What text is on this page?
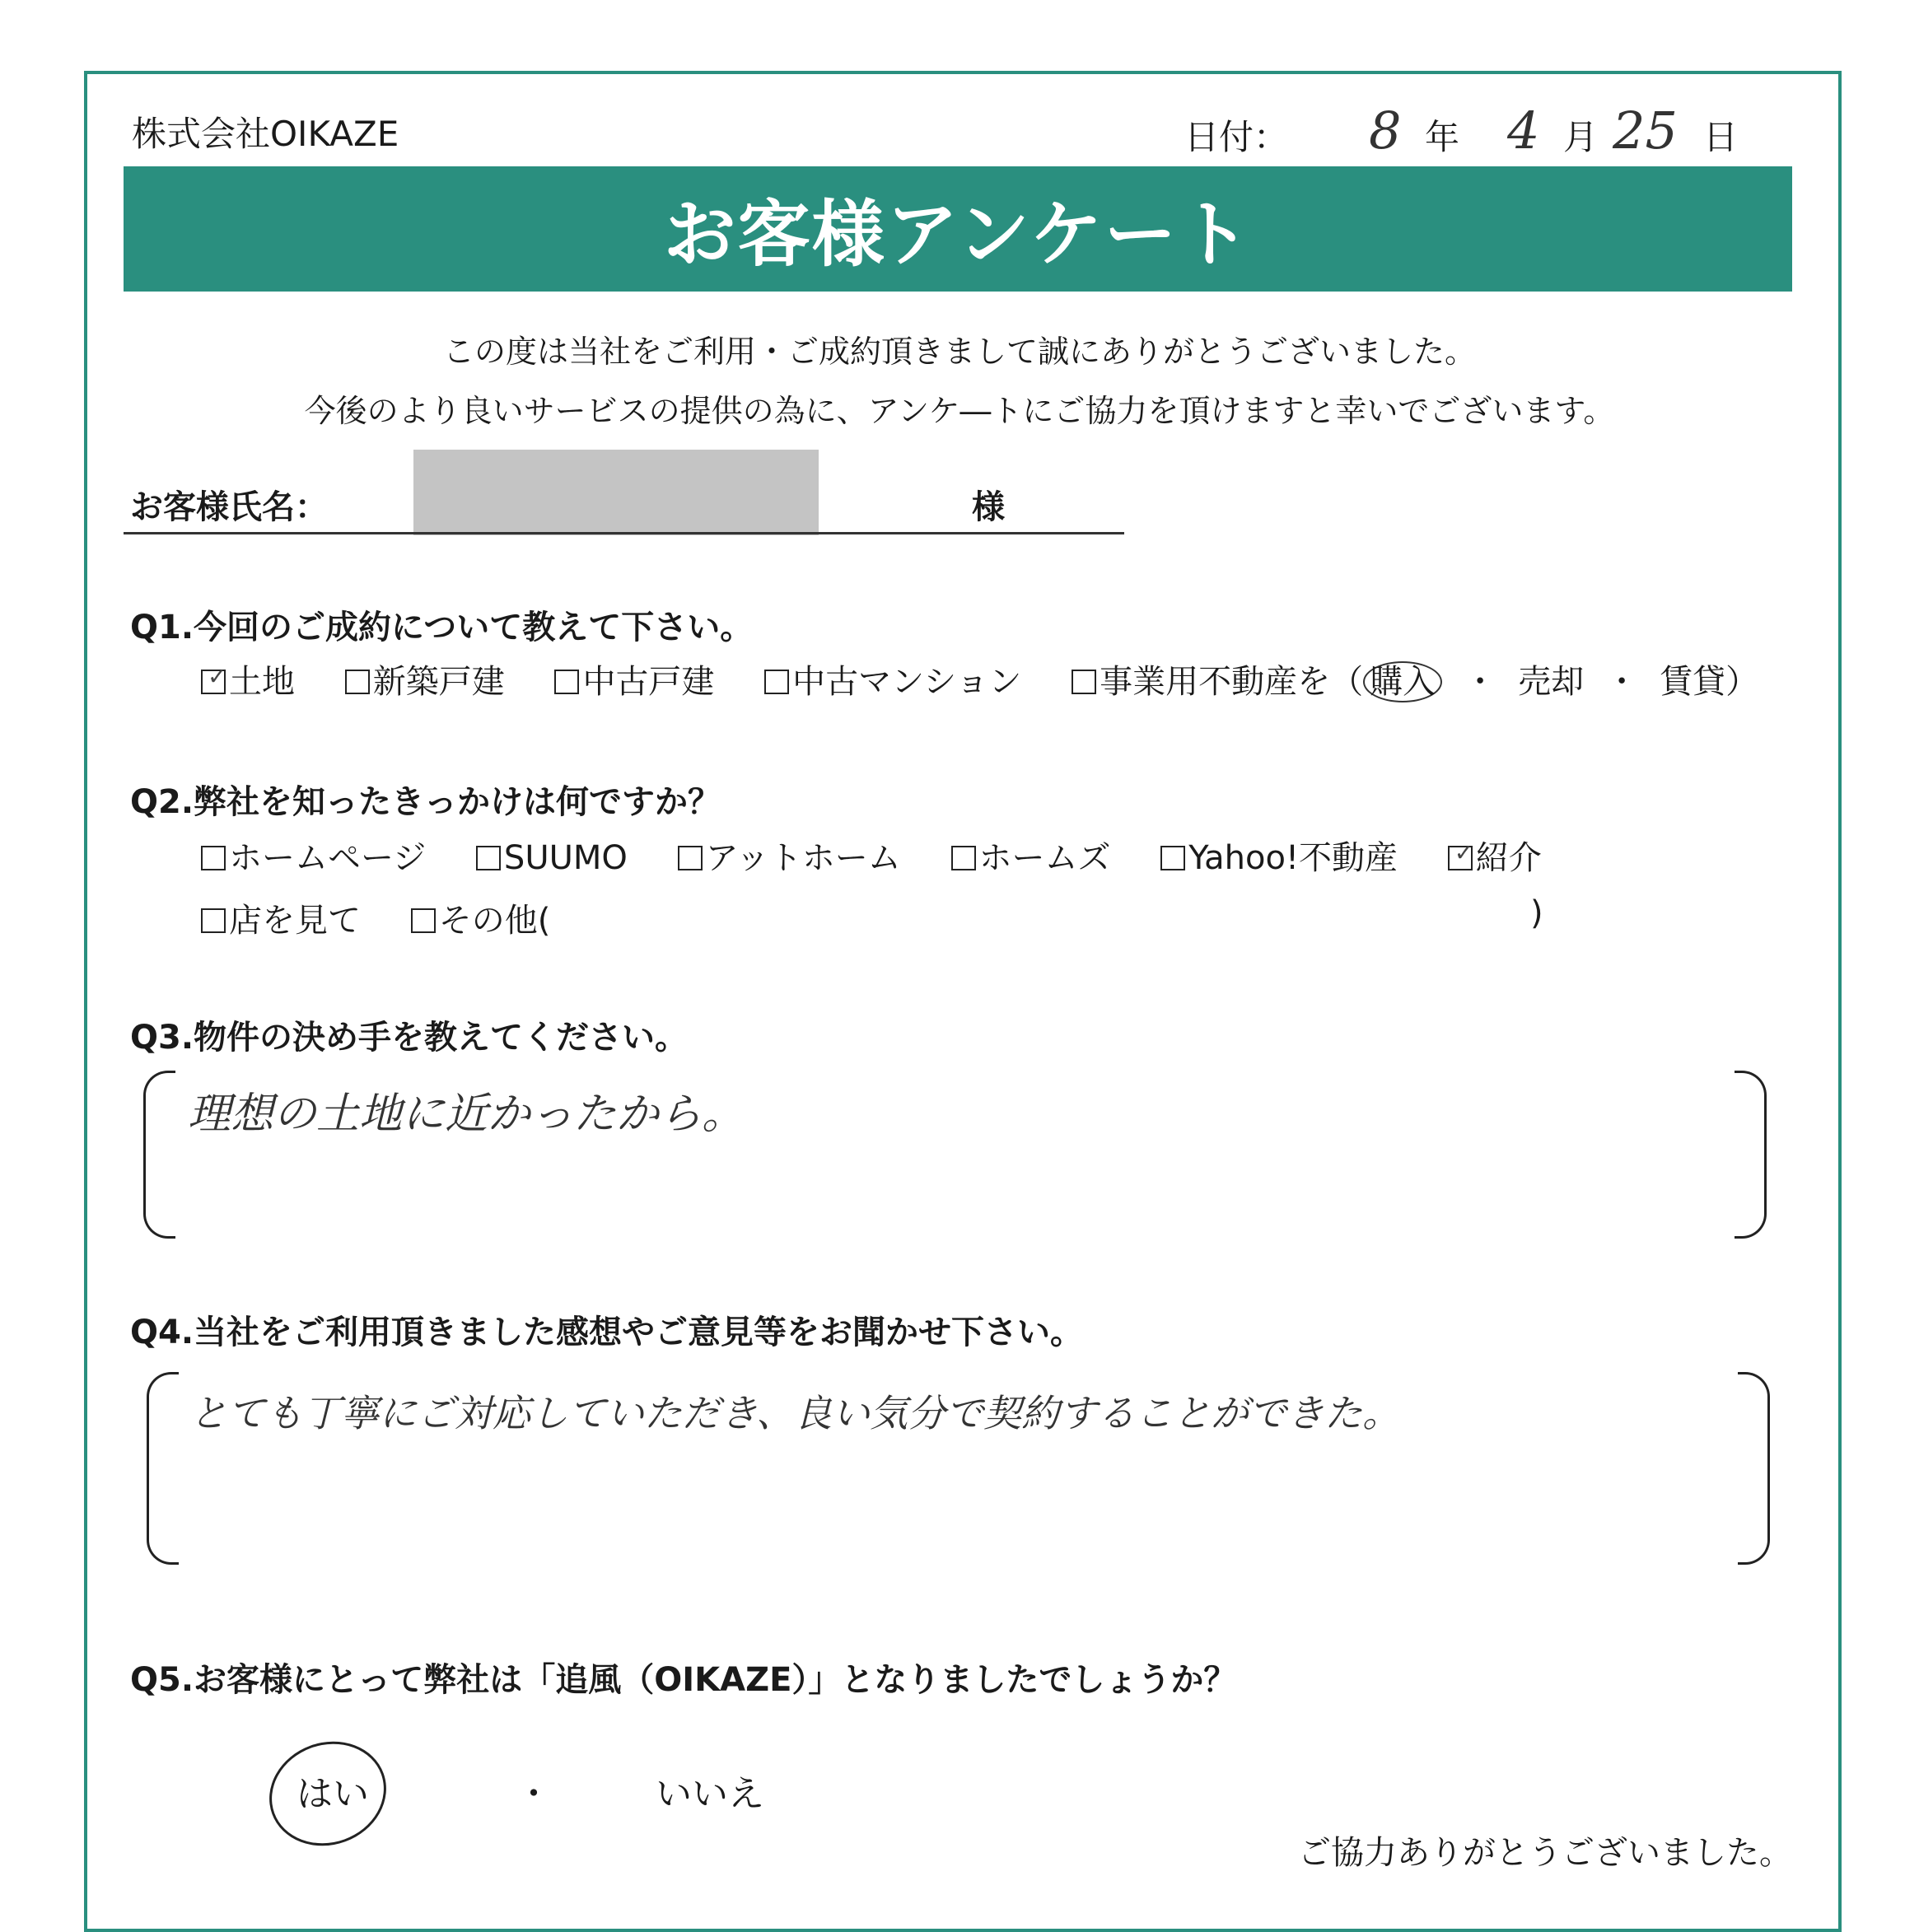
株式会社OIKAZE	日付： 8 年 4 月 25 日
お客様アンケート
この度は当社をご利用・ご成約頂きまして誠にありがとうございました。
今後のより良いサービスの提供の為に、アンケ―トにご協力を頂けますと幸いでございます。
お客様氏名：	様
Q1.今回のご成約について教えて下さい。
✓土地 新築戸建 中古戸建 中古マンション 事業用不動産を（ 購入 ・ 売却 ・ 賃貸）
Q2.弊社を知ったきっかけは何ですか？
ホームページ SUUMO アットホーム ホームズ Yahoo!不動産 ✓ 紹介
店を見て その他(	)
Q3.物件の決め手を教えてください。
理想の土地に近かったから。
Q4.当社をご利用頂きました感想やご意見等をお聞かせ下さい。
とても丁寧にご対応していただき、良い気分で契約することができた。
Q5.お客様にとって弊社は「追風（OIKAZE）」となりましたでしょうか？
はい	・	いいえ
ご協力ありがとうございました。
